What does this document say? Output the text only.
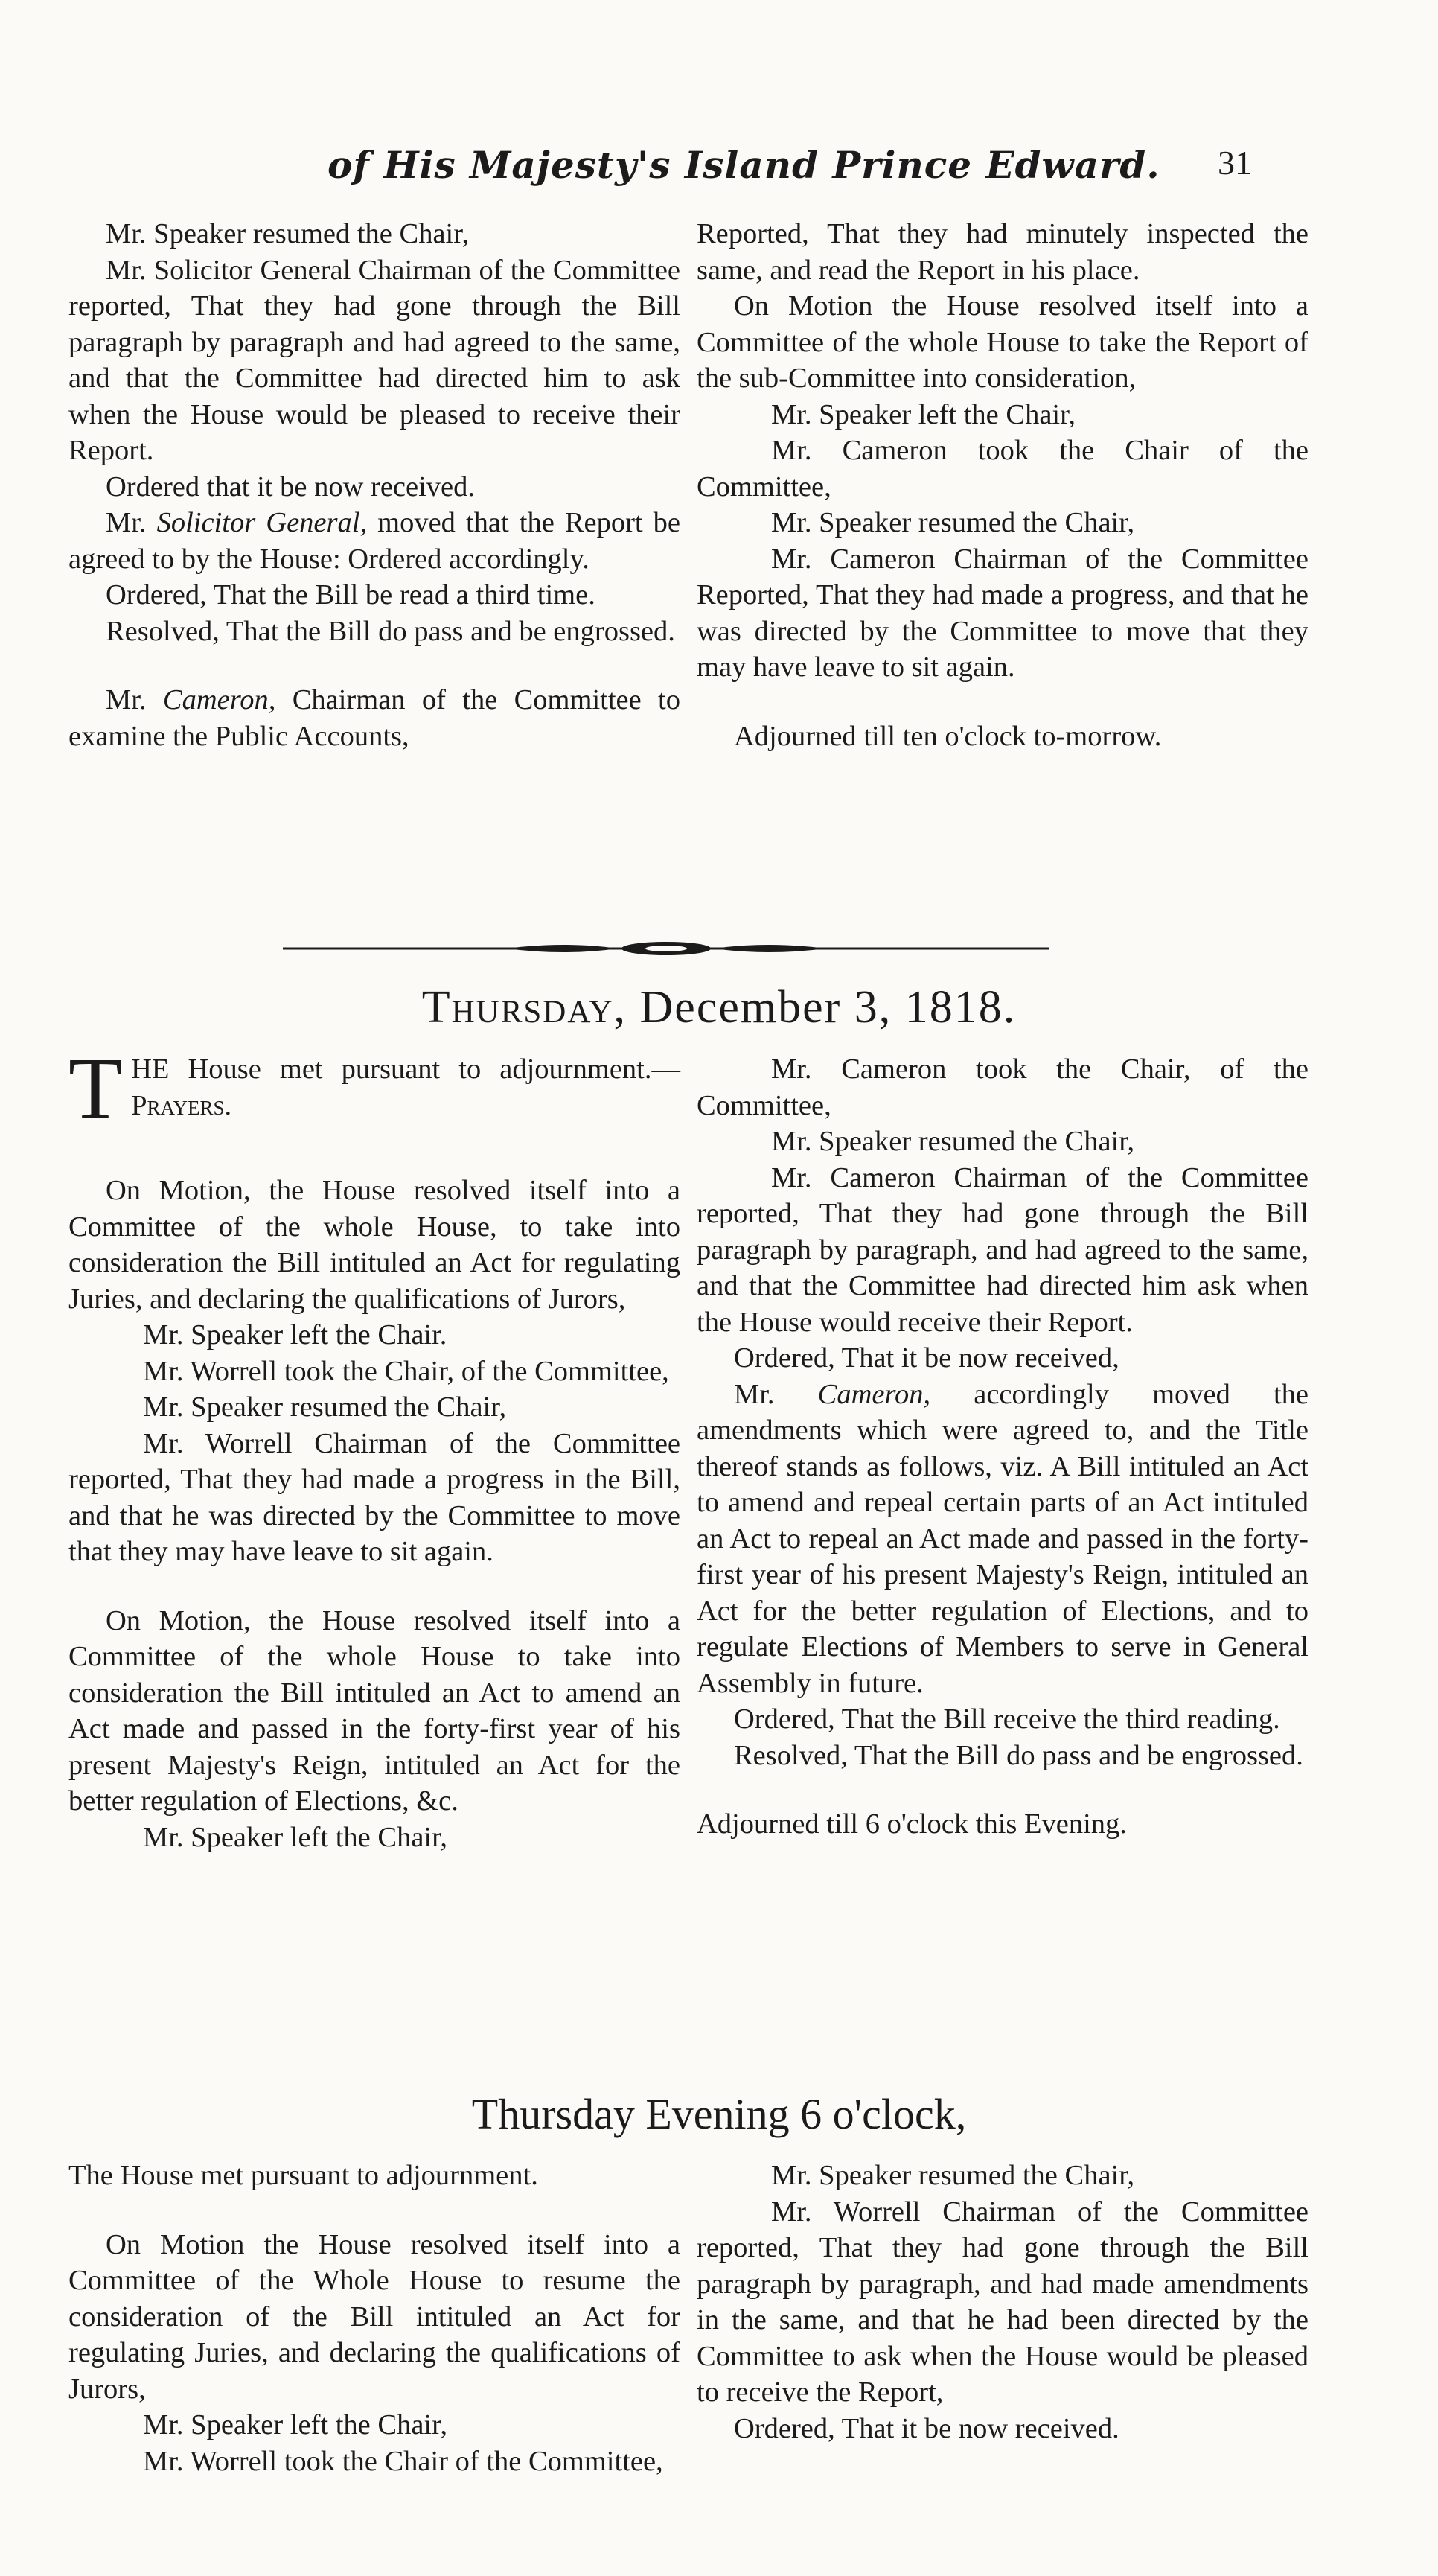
of His Majesty's Island Prince Edward. 31

Mr. Speaker resumed the Chair,

Mr. Solicitor General Chairman of the Committee reported, That they had gone through the Bill paragraph by paragraph and had agreed to the same, and that the Committee had directed him to ask when the House would be pleased to receive their Report.

Ordered that it be now received.

Mr. Solicitor General, moved that the Report be agreed to by the House: Ordered accordingly.

Ordered, That the Bill be read a third time.

Resolved, That the Bill do pass and be engrossed.

Mr. Cameron, Chairman of the Committee to examine the Public Accounts,

Reported, That they had minutely inspected the same, and read the Report in his place.

On Motion the House resolved itself into a Committee of the whole House to take the Report of the sub-Committee into consideration,

Mr. Speaker left the Chair,

Mr. Cameron took the Chair of the Committee,

Mr. Speaker resumed the Chair,

Mr. Cameron Chairman of the Committee Reported, That they had made a progress, and that he was directed by the Committee to move that they may have leave to sit again.

Adjourned till ten o'clock to-morrow.

Thursday, December 3, 1818.

THE House met pursuant to adjournment.—Prayers.

On Motion, the House resolved itself into a Committee of the whole House, to take into consideration the Bill intituled an Act for regulating Juries, and declaring the qualifications of Jurors,

Mr. Speaker left the Chair.

Mr. Worrell took the Chair, of the Committee,

Mr. Speaker resumed the Chair,

Mr. Worrell Chairman of the Committee reported, That they had made a progress in the Bill, and that he was directed by the Committee to move that they may have leave to sit again.

On Motion, the House resolved itself into a Committee of the whole House to take into consideration the Bill intituled an Act to amend an Act made and passed in the forty-first year of his present Majesty's Reign, intituled an Act for the better regulation of Elections, &c.

Mr. Speaker left the Chair,

Mr. Cameron took the Chair, of the Committee,

Mr. Speaker resumed the Chair,

Mr. Cameron Chairman of the Committee reported, That they had gone through the Bill paragraph by paragraph, and had agreed to the same, and that the Committee had directed him ask when the House would receive their Report.

Ordered, That it be now received,

Mr. Cameron, accordingly moved the amendments which were agreed to, and the Title thereof stands as follows, viz. A Bill intituled an Act to amend and repeal certain parts of an Act intituled an Act to repeal an Act made and passed in the forty-first year of his present Majesty's Reign, intituled an Act for the better regulation of Elections, and to regulate Elections of Members to serve in General Assembly in future.

Ordered, That the Bill receive the third reading.

Resolved, That the Bill do pass and be engrossed.

Adjourned till 6 o'clock this Evening.

Thursday Evening 6 o'clock,

The House met pursuant to adjournment.

On Motion the House resolved itself into a Committee of the Whole House to resume the consideration of the Bill intituled an Act for regulating Juries, and declaring the qualifications of Jurors,

Mr. Speaker left the Chair,

Mr. Worrell took the Chair of the Committee,

Mr. Speaker resumed the Chair,

Mr. Worrell Chairman of the Committee reported, That they had gone through the Bill paragraph by paragraph, and had made amendments in the same, and that he had been directed by the Committee to ask when the House would be pleased to receive the Report,

Ordered, That it be now received.
